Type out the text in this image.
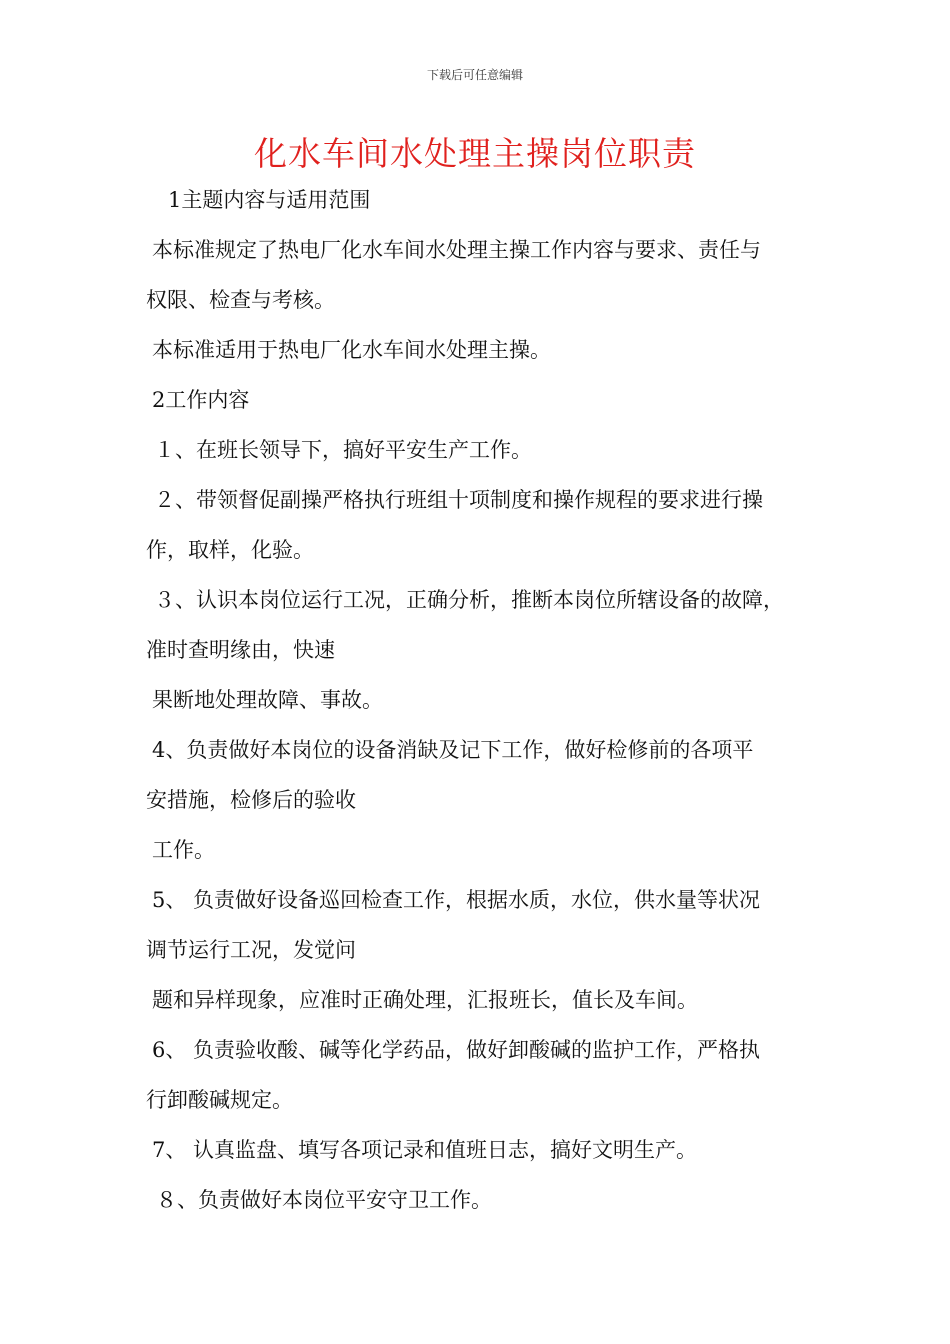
下载后可任意编辑
化水车间水处理主操岗位职责
1主题内容与适用范围
本标准规定了热电厂化水车间水处理主操工作内容与要求、责任与
权限、检查与考核。
本标准适用于热电厂化水车间水处理主操。
2工作内容
１、在班长领导下，搞好平安生产工作。
２、带领督促副操严格执行班组十项制度和操作规程的要求进行操
作，取样，化验。
３、认识本岗位运行工况，正确分析，推断本岗位所辖设备的故障，
准时查明缘由，快速
果断地处理故障、事故。
4、负责做好本岗位的设备消缺及记下工作，做好检修前的各项平
安措施，检修后的验收
工作。
5、 负责做好设备巡回检查工作，根据水质，水位，供水量等状况
调节运行工况，发觉问
题和异样现象，应准时正确处理，汇报班长，值长及车间。
6、 负责验收酸、碱等化学药品，做好卸酸碱的监护工作，严格执
行卸酸碱规定。
7、 认真监盘、填写各项记录和值班日志，搞好文明生产。
８、负责做好本岗位平安守卫工作。
